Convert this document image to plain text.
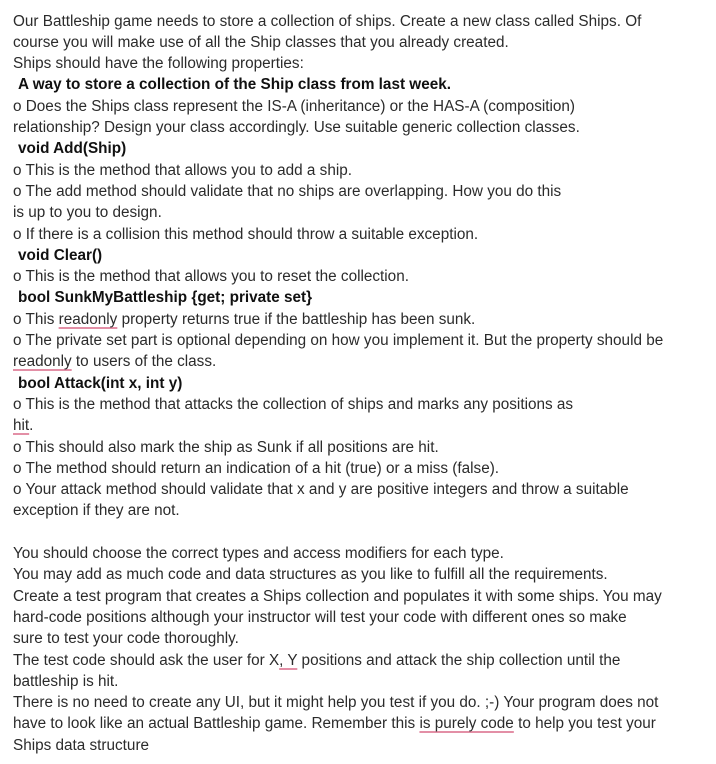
Our Battleship game needs to store a collection of ships. Create a new class called Ships. Of
course you will make use of all the Ship classes that you already created.
Ships should have the following properties:
A way to store a collection of the Ship class from last week.
o Does the Ships class represent the IS-A (inheritance) or the HAS-A (composition)
relationship? Design your class accordingly. Use suitable generic collection classes.
void Add(Ship)
o This is the method that allows you to add a ship.
o The add method should validate that no ships are overlapping. How you do this
is up to you to design.
o If there is a collision this method should throw a suitable exception.
void Clear()
o This is the method that allows you to reset the collection.
bool SunkMyBattleship {get; private set}
o This readonly property returns true if the battleship has been sunk.
o The private set part is optional depending on how you implement it. But the property should be
readonly to users of the class.
bool Attack(int x, int y)
o This is the method that attacks the collection of ships and marks any positions as
hit.
o This should also mark the ship as Sunk if all positions are hit.
o The method should return an indication of a hit (true) or a miss (false).
o Your attack method should validate that x and y are positive integers and throw a suitable
exception if they are not.
You should choose the correct types and access modifiers for each type.
You may add as much code and data structures as you like to fulfill all the requirements.
Create a test program that creates a Ships collection and populates it with some ships. You may
hard-code positions although your instructor will test your code with different ones so make
sure to test your code thoroughly.
The test code should ask the user for X, Y positions and attack the ship collection until the
battleship is hit.
There is no need to create any UI, but it might help you test if you do. ;-) Your program does not
have to look like an actual Battleship game. Remember this is purely code to help you test your
Ships data structure
